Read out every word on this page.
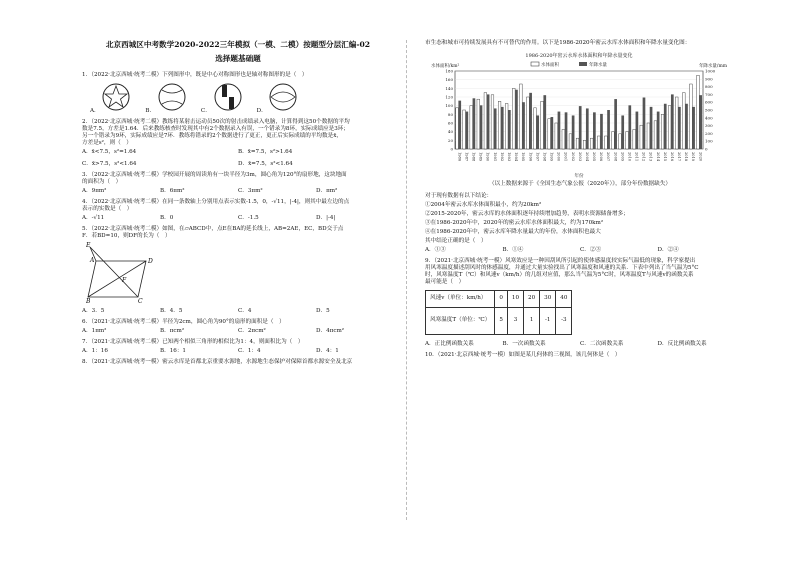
北京西城区中考数学2020-2022三年模拟（一模、二模）按题型分层汇编-02
选择题基础题

1．（2022·北京西城·统考二模）下列图形中，既是中心对称图形也是轴对称图形的是（　）

A．	B．	C．	D．

2．（2022·北京西城·统考二模）教练将某射击运动员50次的射击成绩录入电脑，计算得到这50个数据的平均

数是7.5，方差是1.64．后来教练核查时发现其中有2个数据录入有误，一个错录为8环，实际成绩应是3环；

另一个错录为9环，实际成绩应是7环．教练将错录的2个数据进行了更正，更正后实际成绩的平均数是x̄，

方差是s²，则（　）

A．x̄<7.5，s²=1.64	B．x̄=7.5，s²>1.64
C．x̄>7.5，s²<1.64	D．x̄=7.5，s²<1.64

3．（2022·北京西城·统考二模）学校园开展的周读角有一块半径为3m，圆心角为120°的扇形地，这块地面

的面积为（　）

A．9πm²	B．6πm²	C．3πm²	D．πm²

4．（2022·北京西城·统考二模）在同一条数轴上分别用点表示实数-1.5，0，-√11，|-4|，则其中最左边的点

表示的实数是（　）

A．-√11	B．0	C．-1.5	D．|-4|

5．（2022·北京西城·统考二模）如图，在▱ABCD中，点E在BA的延长线上，AB=2AE，EC，BD交于点

F．若BD=10，则DF的长为（　）

E
A	D
F
B	C
A．3．5	B．4．5	C．4	D．5

6．（2021·北京西城·统考二模）半径为2cm，圆心角为90°的扇形的面积是（　）

A．1πm²	B．πcm²	C．2πcm²	D．4πcm²

7．（2021·北京西城·统考二模）已知两个相似三角形的相似比为1：4，则面积比为（　）

A．1：16	B．16：1	C．1：4	D．4：1

8．（2021·北京西城·统考一模）密云水库是首都北京重要水源地，水源地生态保护对保障首都水源安全及北京

市生态和城市可持续发展具有不可替代的作用。以下是1986-2020年密云水库水体面积和年降水量变化图：

1986-2020年密云水库水体面积和年降水量变化
水体面积/km²	年降水量/mm
水体面积	年降水量
0
20
40
60
80
100
120
140
160
180
0
100
200
300
400
500
600
700
800
900
1000
1986 1987 1988 1989 1990 1991 1992 1993 1994 1995 1996 1997 1998 1999 2000 2001 2002 2003 2004 2005 2006 2007 2008 2009 2010 2011 2012 2013 2014 2015 2016 2017 2018 2019 2020
年份

（以上数据来源于《全国生态气象公报（2020年）》，部分年份数据缺失）

对于现有数据有以下结论：

①2004年密云水库水体面积最小，约为20km²

②2015-2020年，密云水库的水体面积逐年持续增加趋势，表明水资源储备增多；

③在1986-2020年中，2020年的密云水库水体面积最大，约为170km²

④在1986-2020年中，密云水库年降水量最大的年份，水体面积也最大

其中结论正确的是（　）

A．①③	B．①④	C．②③	D．②④

9．（2021·北京西城·统考一模）风寒效应是一种因刮风所引起的使体感温度较实际气温低的现象，科学家提出

用风寒温度描述刮风时的体感温度，并通过大量实验找出了风寒温度和风速的关系．下表中列出了当气温为5°C

时，风寒温度T（℃）和风速v（km/h）的几组对应值，那么当气温为5°C时，风寒温度T与风速v的函数关系

最可能是（　）

风速v（单位：km/h）	0	10	20	30	40
风寒温度T（单位：℃）	5	3	1	-1	-3
A．正比例函数关系	B．一次函数关系	C．二次函数关系	D．反比例函数关系

10．（2021·北京西城·统考一模）如图是某几何体的三视图，该几何体是（　）
